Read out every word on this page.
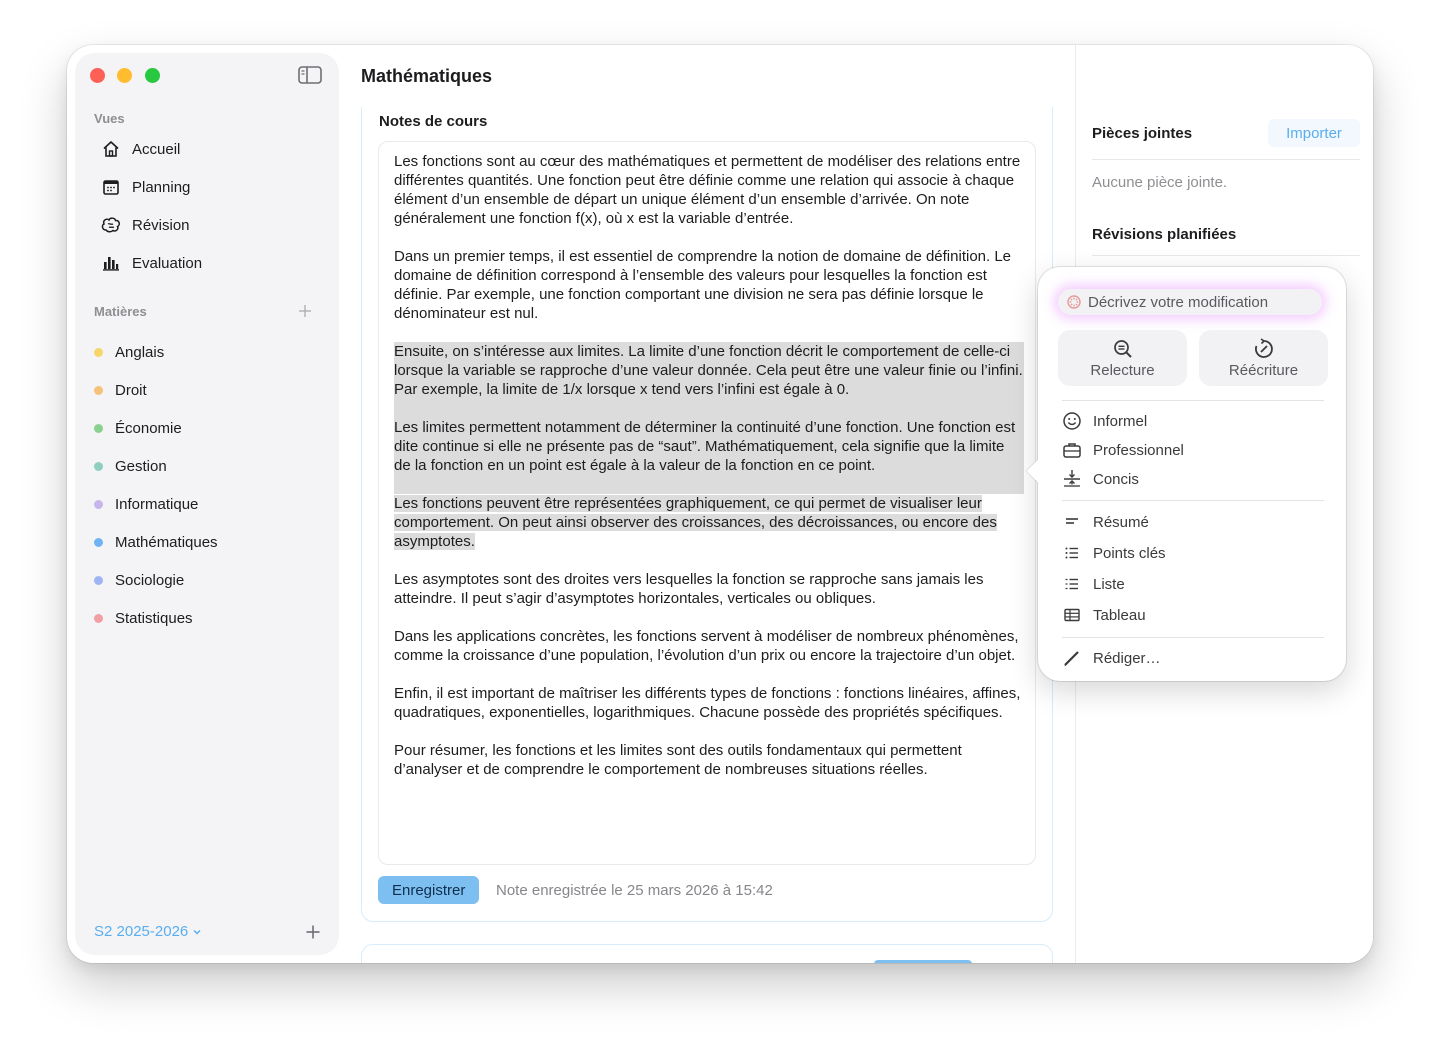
Vues
Accueil
Planning
Révision
Evaluation
Matières
Anglais
Droit
Économie
Gestion
Informatique
Mathématiques
Sociologie
Statistiques
S2 2025-2026
Mathématiques
Notes de cours

Les fonctions sont au cœur des mathématiques et permettent de modéliser des relations entre différentes quantités. Une fonction peut être définie comme une relation qui associe à chaque élément d’un ensemble de départ un unique élément d’un ensemble d’arrivée. On note généralement une fonction f(x), où x est la variable d’entrée.

Dans un premier temps, il est essentiel de comprendre la notion de domaine de définition. Le domaine de définition correspond à l’ensemble des valeurs pour lesquelles la fonction est définie. Par exemple, une fonction comportant une division ne sera pas définie lorsque le dénominateur est nul.

Ensuite, on s’intéresse aux limites. La limite d’une fonction décrit le comportement de celle-ci lorsque la variable se rapproche d’une valeur donnée. Cela peut être une valeur finie ou l’infini. Par exemple, la limite de 1/x lorsque x tend vers l’infini est égale à 0.
Les limites permettent notamment de déterminer la continuité d’une fonction. Une fonction est dite continue si elle ne présente pas de “saut”. Mathématiquement, cela signifie que la limite de la fonction en un point est égale à la valeur de la fonction en ce point.

Les fonctions peuvent être représentées graphiquement, ce qui permet de visualiser leur comportement. On peut ainsi observer des croissances, des décroissances, ou encore des asymptotes.

Les asymptotes sont des droites vers lesquelles la fonction se rapproche sans jamais les atteindre. Il peut s’agir d’asymptotes horizontales, verticales ou obliques.

Dans les applications concrètes, les fonctions servent à modéliser de nombreux phénomènes, comme la croissance d’une population, l’évolution d’un prix ou encore la trajectoire d’un objet.

Enfin, il est important de maîtriser les différents types de fonctions : fonctions linéaires, affines, quadratiques, exponentielles, logarithmiques. Chacune possède des propriétés spécifiques.

Pour résumer, les fonctions et les limites sont des outils fondamentaux qui permettent d’analyser et de comprendre le comportement de nombreuses situations réelles.

Enregistrer	Note enregistrée le 25 mars 2026 à 15:42
Pièces jointes	Importer
Aucune pièce jointe.
Révisions planifiées
Décrivez votre modification
Relecture	Réécriture
Informel
Professionnel
Concis
Résumé
Points clés
Liste
Tableau
Rédiger…
